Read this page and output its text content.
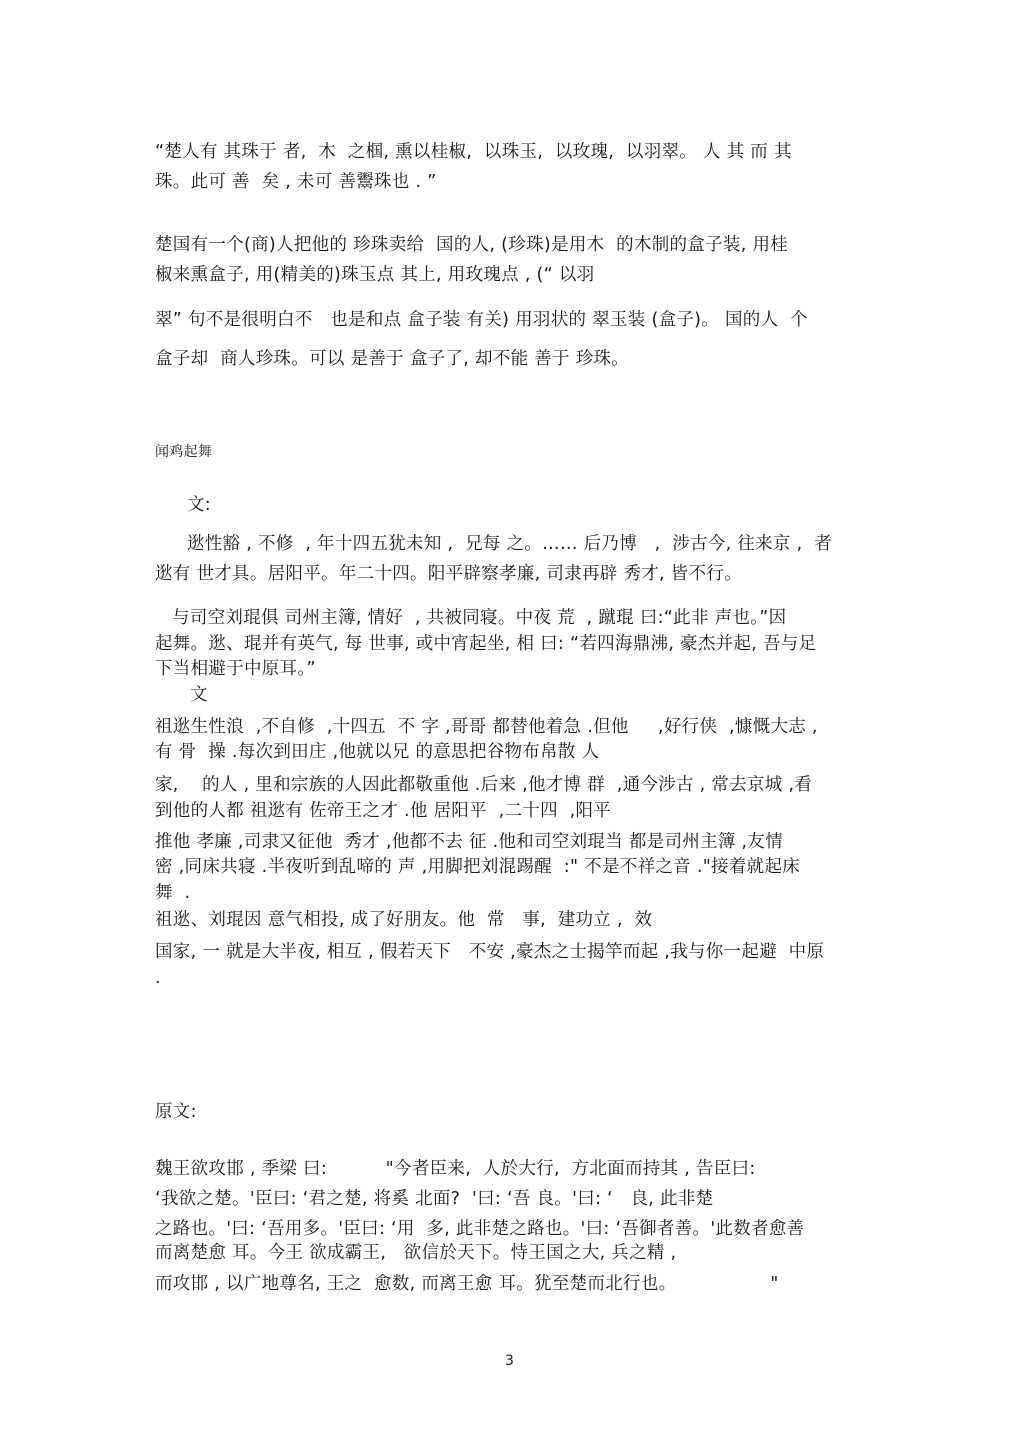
“楚人有 其珠于 者,  木  之椢, 熏以桂椒,  以珠玉,  以玫瑰,  以羽翠。 人 其 而 其
珠。此可 善  矣 , 未可 善鬻珠也 . ”
楚国有一个(商)人把他的 珍珠卖给  国的人, (珍珠)是用木  的木制的盒子装, 用桂
椒来熏盒子, 用(精美的)珠玉点 其上, 用玫瑰点 , (“ 以羽
翠” 句不是很明白不   也是和点 盒子装 有关) 用羽状的 翠玉装 (盒子)。 国的人  个
盒子却  商人珍珠。可以 是善于 盒子了, 却不能 善于 珍珠。
闻鸡起舞
文:
逖性豁 , 不修  , 年十四五犹未知 ,  兄每 之。…… 后乃博   ,  涉古今, 往来京 ,  者
逖有 世才具。居阳平。年二十四。阳平辟察孝廉, 司隶再辟 秀才, 皆不行。
与司空刘琨俱 司州主簿, 情好  , 共被同寝。中夜 荒  , 蹴琨 曰:“此非 声也。”因
起舞。逖、琨并有英气, 每 世事, 或中宵起坐, 相 曰: “若四海鼎沸, 豪杰并起, 吾与足
下当相避于中原耳。”
文
祖逖生性浪  ,不自修  ,十四五  不 字 ,哥哥 都替他着急 .但他     ,好行侠  ,慷慨大志 ,
有 骨  操 .每次到田庄 ,他就以兄 的意思把谷物布帛散 人
家,    的人 , 里和宗族的人因此都敬重他 .后来 ,他才博 群  ,通今涉古 , 常去京城 ,看
到他的人都 祖逖有 佐帝王之才 .他 居阳平  ,二十四  ,阳平
推他 孝廉 ,司隶又征他  秀才 ,他都不去 征 .他和司空刘琨当 都是司州主簿 ,友情
密 ,同床共寝 .半夜听到乱啼的 声 ,用脚把刘混踢醒  :" 不是不祥之音 ."接着就起床
舞  .
祖逖、刘琨因 意气相投, 成了好朋友。他  常   事,  建功立 ,  效
国家, 一 就是大半夜, 相互 , 假若天下   不安 ,豪杰之士揭竿而起 ,我与你一起避  中原
.
原文:
魏王欲攻邯 , 季梁 曰:          "今者臣来,  人於大行,  方北面而持其 , 告臣曰:
‘我欲之楚。'臣曰: ‘君之楚, 将奚 北面?  '曰: ‘吾 良。'曰: ‘   良, 此非楚
之路也。'曰: ‘吾用多。'臣曰: ‘用  多, 此非楚之路也。'曰: ‘吾御者善。'此数者愈善
而离楚愈 耳。今王 欲成霸王,   欲信於天下。恃王国之大, 兵之精 ,
而攻邯 , 以广地尊名, 王之  愈数, 而离王愈 耳。犹至楚而北行也。                "
3
